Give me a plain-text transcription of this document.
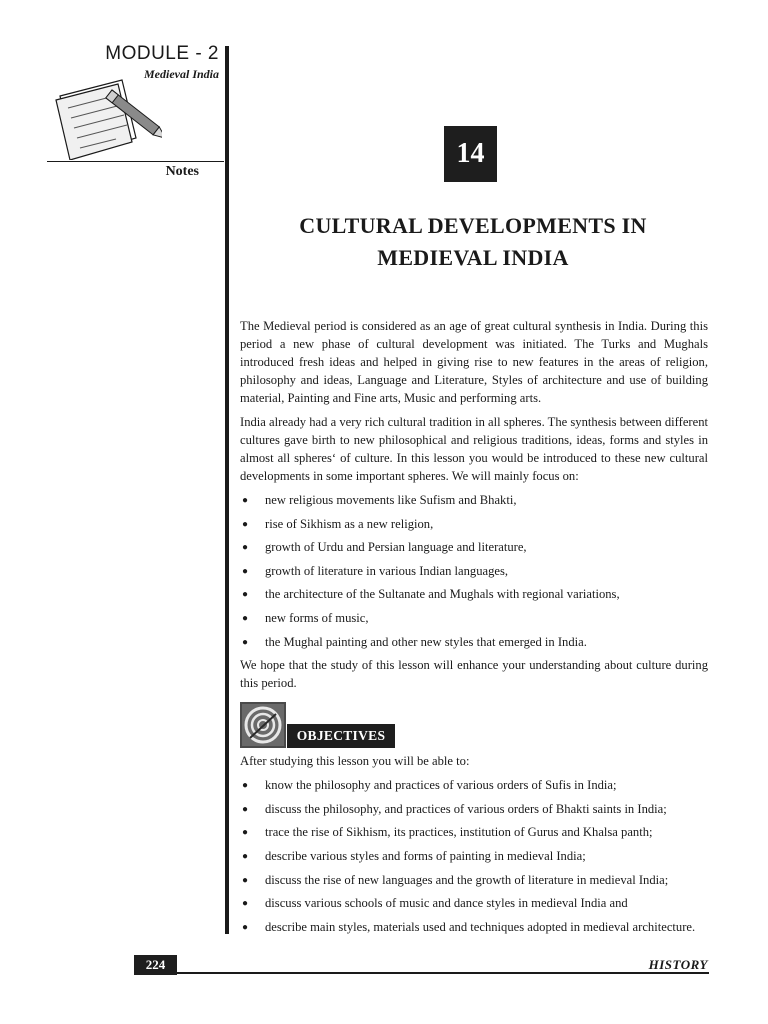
MODULE - 2
Medieval India
Notes
14
CULTURAL DEVELOPMENTS IN
MEDIEVAL INDIA

The Medieval period is considered as an age of great cultural synthesis in India. During this period a new phase of cultural development was initiated. The Turks and Mughals introduced fresh ideas and helped in giving rise to new features in the areas of religion, philosophy and ideas, Language and Literature, Styles of architecture and use of building material, Painting and Fine arts, Music and performing arts.

India already had a very rich cultural tradition in all spheres. The synthesis between different cultures gave birth to new philosophical and religious traditions, ideas, forms and styles in almost all spheres‘ of culture. In this lesson you would be introduced to these new cultural developments in some important spheres. We will mainly focus on:

● new religious movements like Sufism and Bhakti,
● rise of Sikhism as a new religion,
● growth of Urdu and Persian language and literature,
● growth of literature in various Indian languages,
● the architecture of the Sultanate and Mughals with regional variations,
● new forms of music,
● the Mughal painting and other new styles that emerged in India.

We hope that the study of this lesson will enhance your understanding about culture during this period.

OBJECTIVES

After studying this lesson you will be able to:

● know the philosophy and practices of various orders of Sufis in India;
● discuss the philosophy, and practices of various orders of Bhakti saints in India;
● trace the rise of Sikhism, its practices, institution of Gurus and Khalsa panth;
● describe various styles and forms of painting in medieval India;
● discuss the rise of new languages and the growth of literature in medieval India;
● discuss various schools of music and dance styles in medieval India and
● describe main styles, materials used and techniques adopted in medieval architecture.
224	HISTORY
